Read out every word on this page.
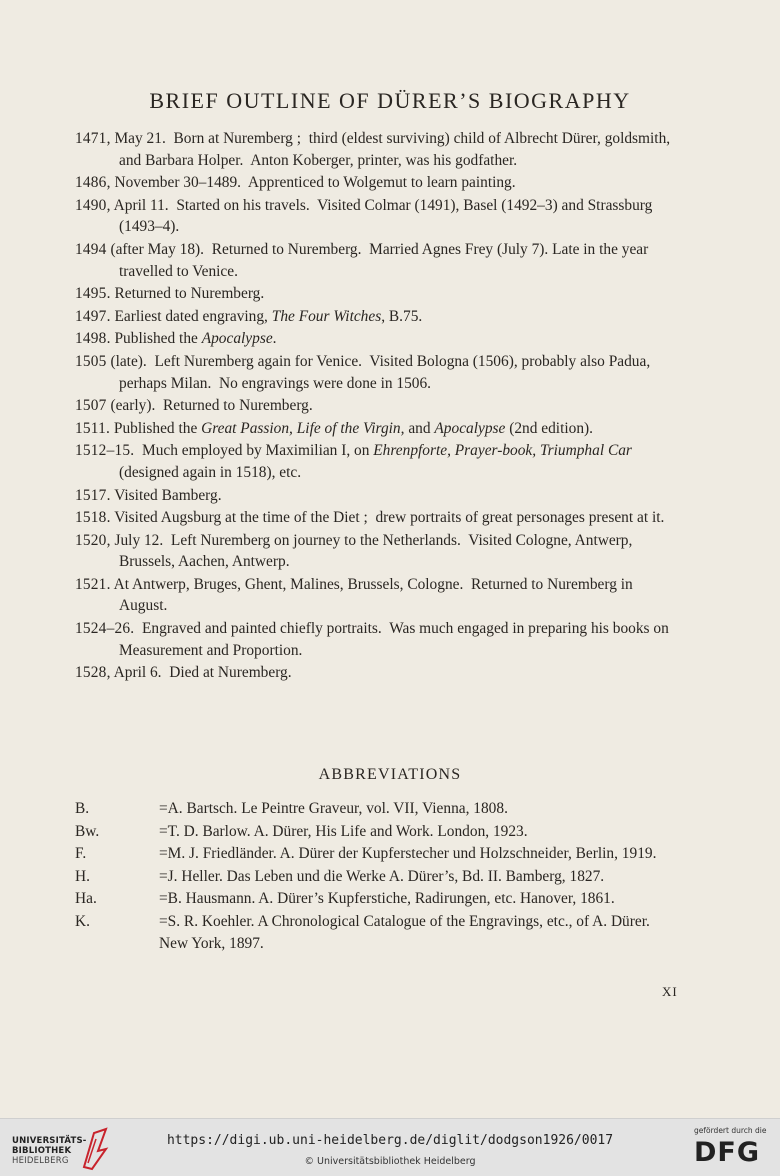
BRIEF OUTLINE OF DÜRER’S BIOGRAPHY
1471, May 21.  Born at Nuremberg ;  third (eldest surviving) child of Albrecht Dürer, goldsmith, and Barbara Holper.  Anton Koberger, printer, was his godfather.
1486, November 30–1489.  Apprenticed to Wolgemut to learn painting.
1490, April 11.  Started on his travels.  Visited Colmar (1491), Basel (1492–3) and Strassburg (1493–4).
1494 (after May 18).  Returned to Nuremberg.  Married Agnes Frey (July 7). Late in the year travelled to Venice.
1495. Returned to Nuremberg.
1497. Earliest dated engraving, The Four Witches, B.75.
1498. Published the Apocalypse.
1505 (late).  Left Nuremberg again for Venice.  Visited Bologna (1506), probably also Padua, perhaps Milan.  No engravings were done in 1506.
1507 (early).  Returned to Nuremberg.
1511. Published the Great Passion, Life of the Virgin, and Apocalypse (2nd edition).
1512–15.  Much employed by Maximilian I, on Ehrenpforte, Prayer-book, Triumphal Car (designed again in 1518), etc.
1517. Visited Bamberg.
1518. Visited Augsburg at the time of the Diet ;  drew portraits of great personages present at it.
1520, July 12.  Left Nuremberg on journey to the Netherlands.  Visited Cologne, Antwerp, Brussels, Aachen, Antwerp.
1521. At Antwerp, Bruges, Ghent, Malines, Brussels, Cologne.  Returned to Nuremberg in August.
1524–26.  Engraved and painted chiefly portraits.  Was much engaged in preparing his books on Measurement and Proportion.
1528, April 6.  Died at Nuremberg.
ABBREVIATIONS
B.	=A. Bartsch. Le Peintre Graveur, vol. VII, Vienna, 1808.
Bw.	=T. D. Barlow. A. Dürer, His Life and Work. London, 1923.
F.	=M. J. Friedländer. A. Dürer der Kupferstecher und Holzschneider, Berlin, 1919.
H.	=J. Heller. Das Leben und die Werke A. Dürer’s, Bd. II. Bamberg, 1827.
Ha.	=B. Hausmann. A. Dürer’s Kupferstiche, Radirungen, etc. Hanover, 1861.
K.	=S. R. Koehler. A Chronological Catalogue of the Engravings, etc., of A. Dürer. New York, 1897.
XI
UNIVERSITÄTS-
BIBLIOTHEK
HEIDELBERG
https://digi.ub.uni-heidelberg.de/diglit/dodgson1926/0017
© Universitätsbibliothek Heidelberg
gefördert durch die
DFG
